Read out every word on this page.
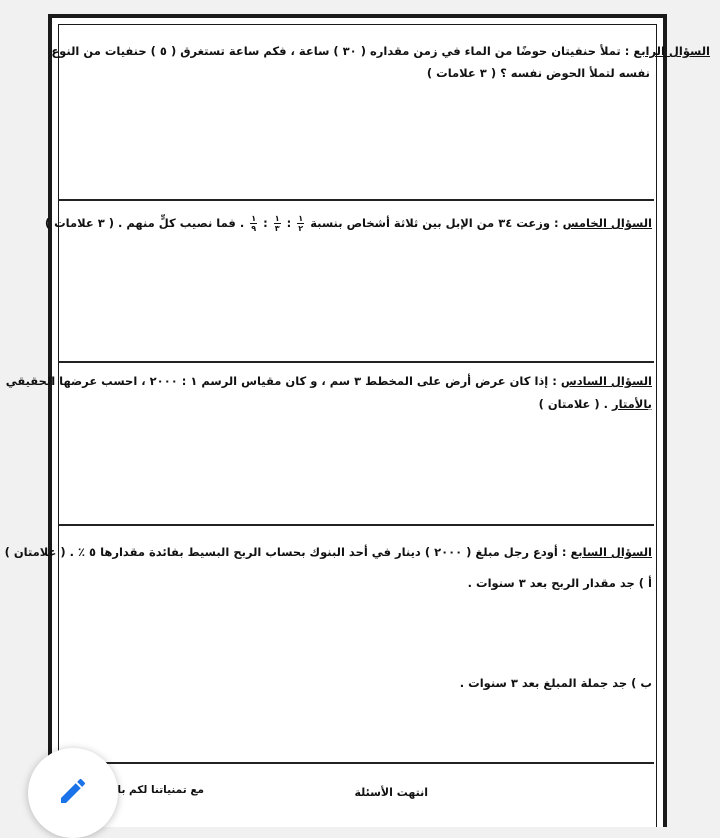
السؤال الرابع : تملأ حنفيتان حوضًا من الماء في زمن مقداره ( ٣٠ ) ساعة ، فكم ساعة تستغرق ( ٥ ) حنفيات من النوع
نفسه لتملأ الحوض نفسه ؟ ( ٣ علامات )
السؤال الخامس : وزعت ٣٤ من الإبل بين ثلاثة أشخاص بنسبة
$\frac{١}{٢}$
:
$\frac{١}{٣}$
:
$\frac{١}{٩}$
. فما نصيب كلٍّ منهم . ( ٣ علامات )
السؤال السادس : إذا كان عرض أرض على المخطط ٣ سم ، و كان مقياس الرسم ١ : ٢٠٠٠ ، احسب عرضها الحقيقي
بالأمتار . ( علامتان )
السؤال السابع : أودع رجل مبلغ ( ٢٠٠٠ ) دينار في أحد البنوك بحساب الربح البسيط بفائدة مقدارها ٥ ٪ . ( علامتان )
أ ) جد مقدار الربح بعد ٣ سنوات .
ب ) جد جملة المبلغ بعد ٣ سنوات .
انتهت الأسئلة
مع تمنياتنا لكم با
